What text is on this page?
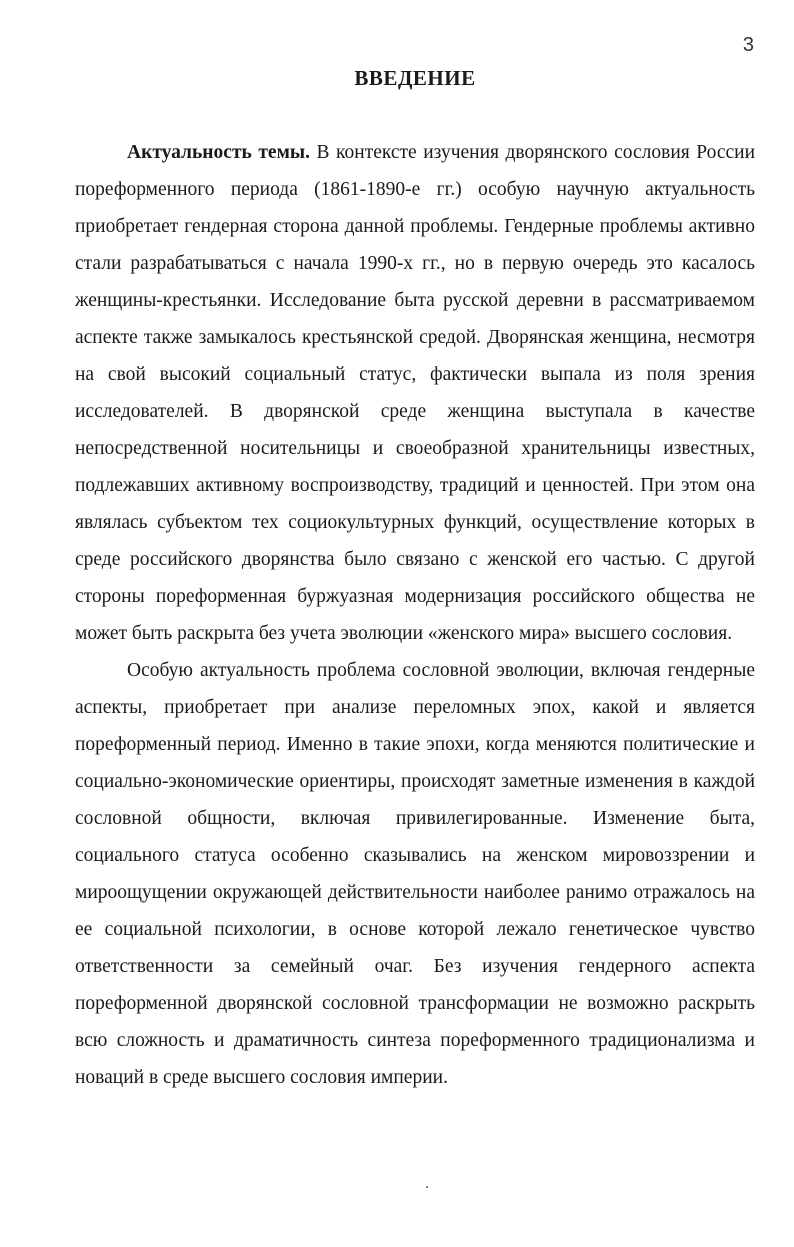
3
ВВЕДЕНИЕ

Актуальность темы. В контексте изучения дворянского сословия России пореформенного периода (1861-1890-е гг.) особую научную актуальность приобретает гендерная сторона данной проблемы. Гендерные проблемы активно стали разрабатываться с начала 1990-х гг., но в первую очередь это касалось женщины-крестьянки. Исследование быта русской деревни в рассматриваемом аспекте также замыкалось крестьянской средой. Дворянская женщина, несмотря на свой высокий социальный статус, фактически выпала из поля зрения исследователей. В дворянской среде женщина выступала в качестве непосредственной носительницы и своеобразной хранительницы известных, подлежавших активному воспроизводству, традиций и ценностей. При этом она являлась субъектом тех социокультурных функций, осуществление которых в среде российского дворянства было связано с женской его частью. С другой стороны пореформенная буржуазная модернизация российского общества не может быть раскрыта без учета эволюции «женского мира» высшего сословия.

Особую актуальность проблема сословной эволюции, включая гендерные аспекты, приобретает при анализе переломных эпох, какой и является пореформенный период. Именно в такие эпохи, когда меняются политические и социально-экономические ориентиры, происходят заметные изменения в каждой сословной общности, включая привилегированные. Изменение быта, социального статуса особенно сказывались на женском мировоззрении и мироощущении окружающей действительности наиболее ранимо отражалось на ее социальной психологии, в основе которой лежало генетическое чувство ответственности за семейный очаг. Без изучения гендерного аспекта пореформенной дворянской сословной трансформации не возможно раскрыть всю сложность и драматичность синтеза пореформенного традиционализма и новаций в среде высшего сословия империи.
